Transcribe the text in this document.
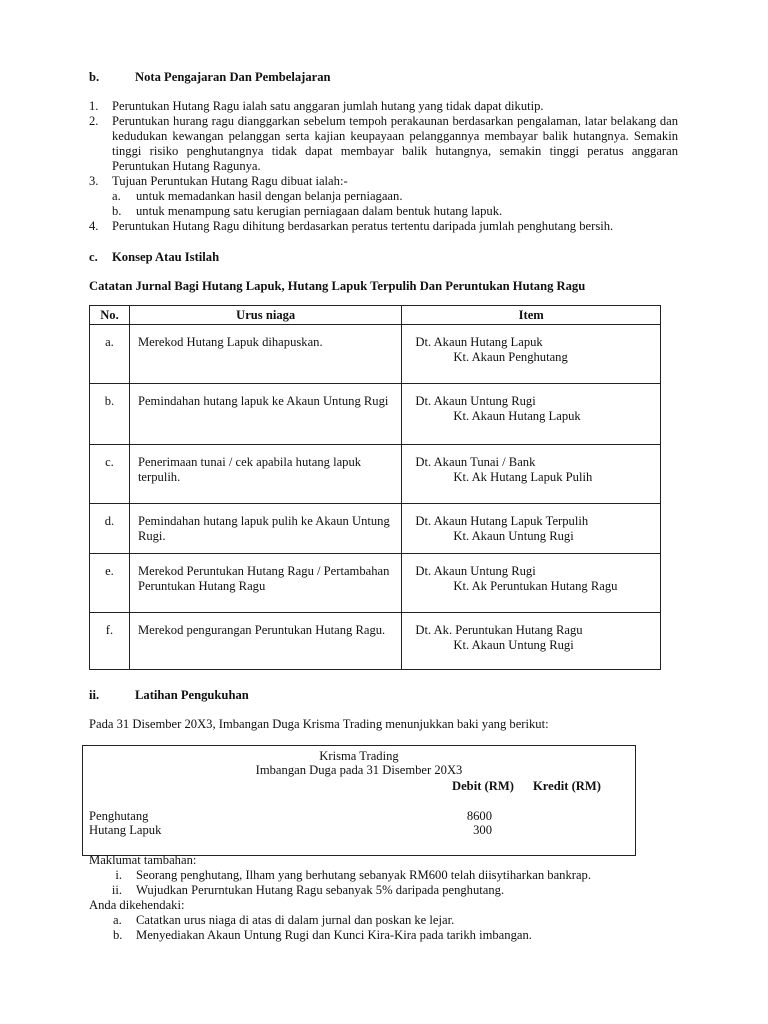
b.	Nota Pengajaran Dan Pembelajaran
1. Peruntukan Hutang Ragu ialah satu anggaran jumlah hutang yang tidak dapat dikutip.
2. Peruntukan hurang ragu dianggarkan sebelum tempoh perakaunan berdasarkan pengalaman, latar belakang dan
kedudukan kewangan pelanggan serta kajian keupayaan pelanggannya membayar balik hutangnya. Semakin
tinggi risiko penghutangnya tidak dapat membayar balik hutangnya, semakin tinggi peratus anggaran
Peruntukan Hutang Ragunya.
3. Tujuan Peruntukan Hutang Ragu dibuat ialah:-
a. untuk memadankan hasil dengan belanja perniagaan.
b. untuk menampung satu kerugian perniagaan dalam bentuk hutang lapuk.
4. Peruntukan Hutang Ragu dihitung berdasarkan peratus tertentu daripada jumlah penghutang bersih.
c. Konsep Atau Istilah
Catatan Jurnal Bagi Hutang Lapuk, Hutang Lapuk Terpulih Dan Peruntukan Hutang Ragu
No.	Urus niaga	Item
a.	Merekod Hutang Lapuk dihapuskan.	Dt. Akaun Hutang Lapuk
Kt. Akaun Penghutang

b.	Pemindahan hutang lapuk ke Akaun Untung Rugi	Dt. Akaun Untung Rugi
Kt. Akaun Hutang Lapuk

c.	Penerimaan tunai / cek apabila hutang lapuk terpulih.	Dt. Akaun Tunai / Bank
Kt. Ak Hutang Lapuk Pulih

d.	Pemindahan hutang lapuk pulih ke Akaun Untung Rugi.	Dt. Akaun Hutang Lapuk Terpulih
Kt. Akaun Untung Rugi

e.	Merekod Peruntukan Hutang Ragu / Pertambahan Peruntukan Hutang Ragu	Dt. Akaun Untung Rugi
Kt. Ak Peruntukan Hutang Ragu

f.	Merekod pengurangan Peruntukan Hutang Ragu.	Dt. Ak. Peruntukan Hutang Ragu
Kt. Akaun Untung Rugi
ii.	Latihan Pengukuhan
Pada 31 Disember 20X3, Imbangan Duga Krisma Trading menunjukkan baki yang berikut:
Krisma Trading
Imbangan Duga pada 31 Disember 20X3
Debit (RM) Kredit (RM)
Penghutang	8600
Hutang Lapuk	300
Maklumat tambahan:
i. Seorang penghutang, Ilham yang berhutang sebanyak RM600 telah diisytiharkan bankrap.
ii. Wujudkan Perurntukan Hutang Ragu sebanyak 5% daripada penghutang.
Anda dikehendaki:
a. Catatkan urus niaga di atas di dalam jurnal dan poskan ke lejar.
b. Menyediakan Akaun Untung Rugi dan Kunci Kira-Kira pada tarikh imbangan.
